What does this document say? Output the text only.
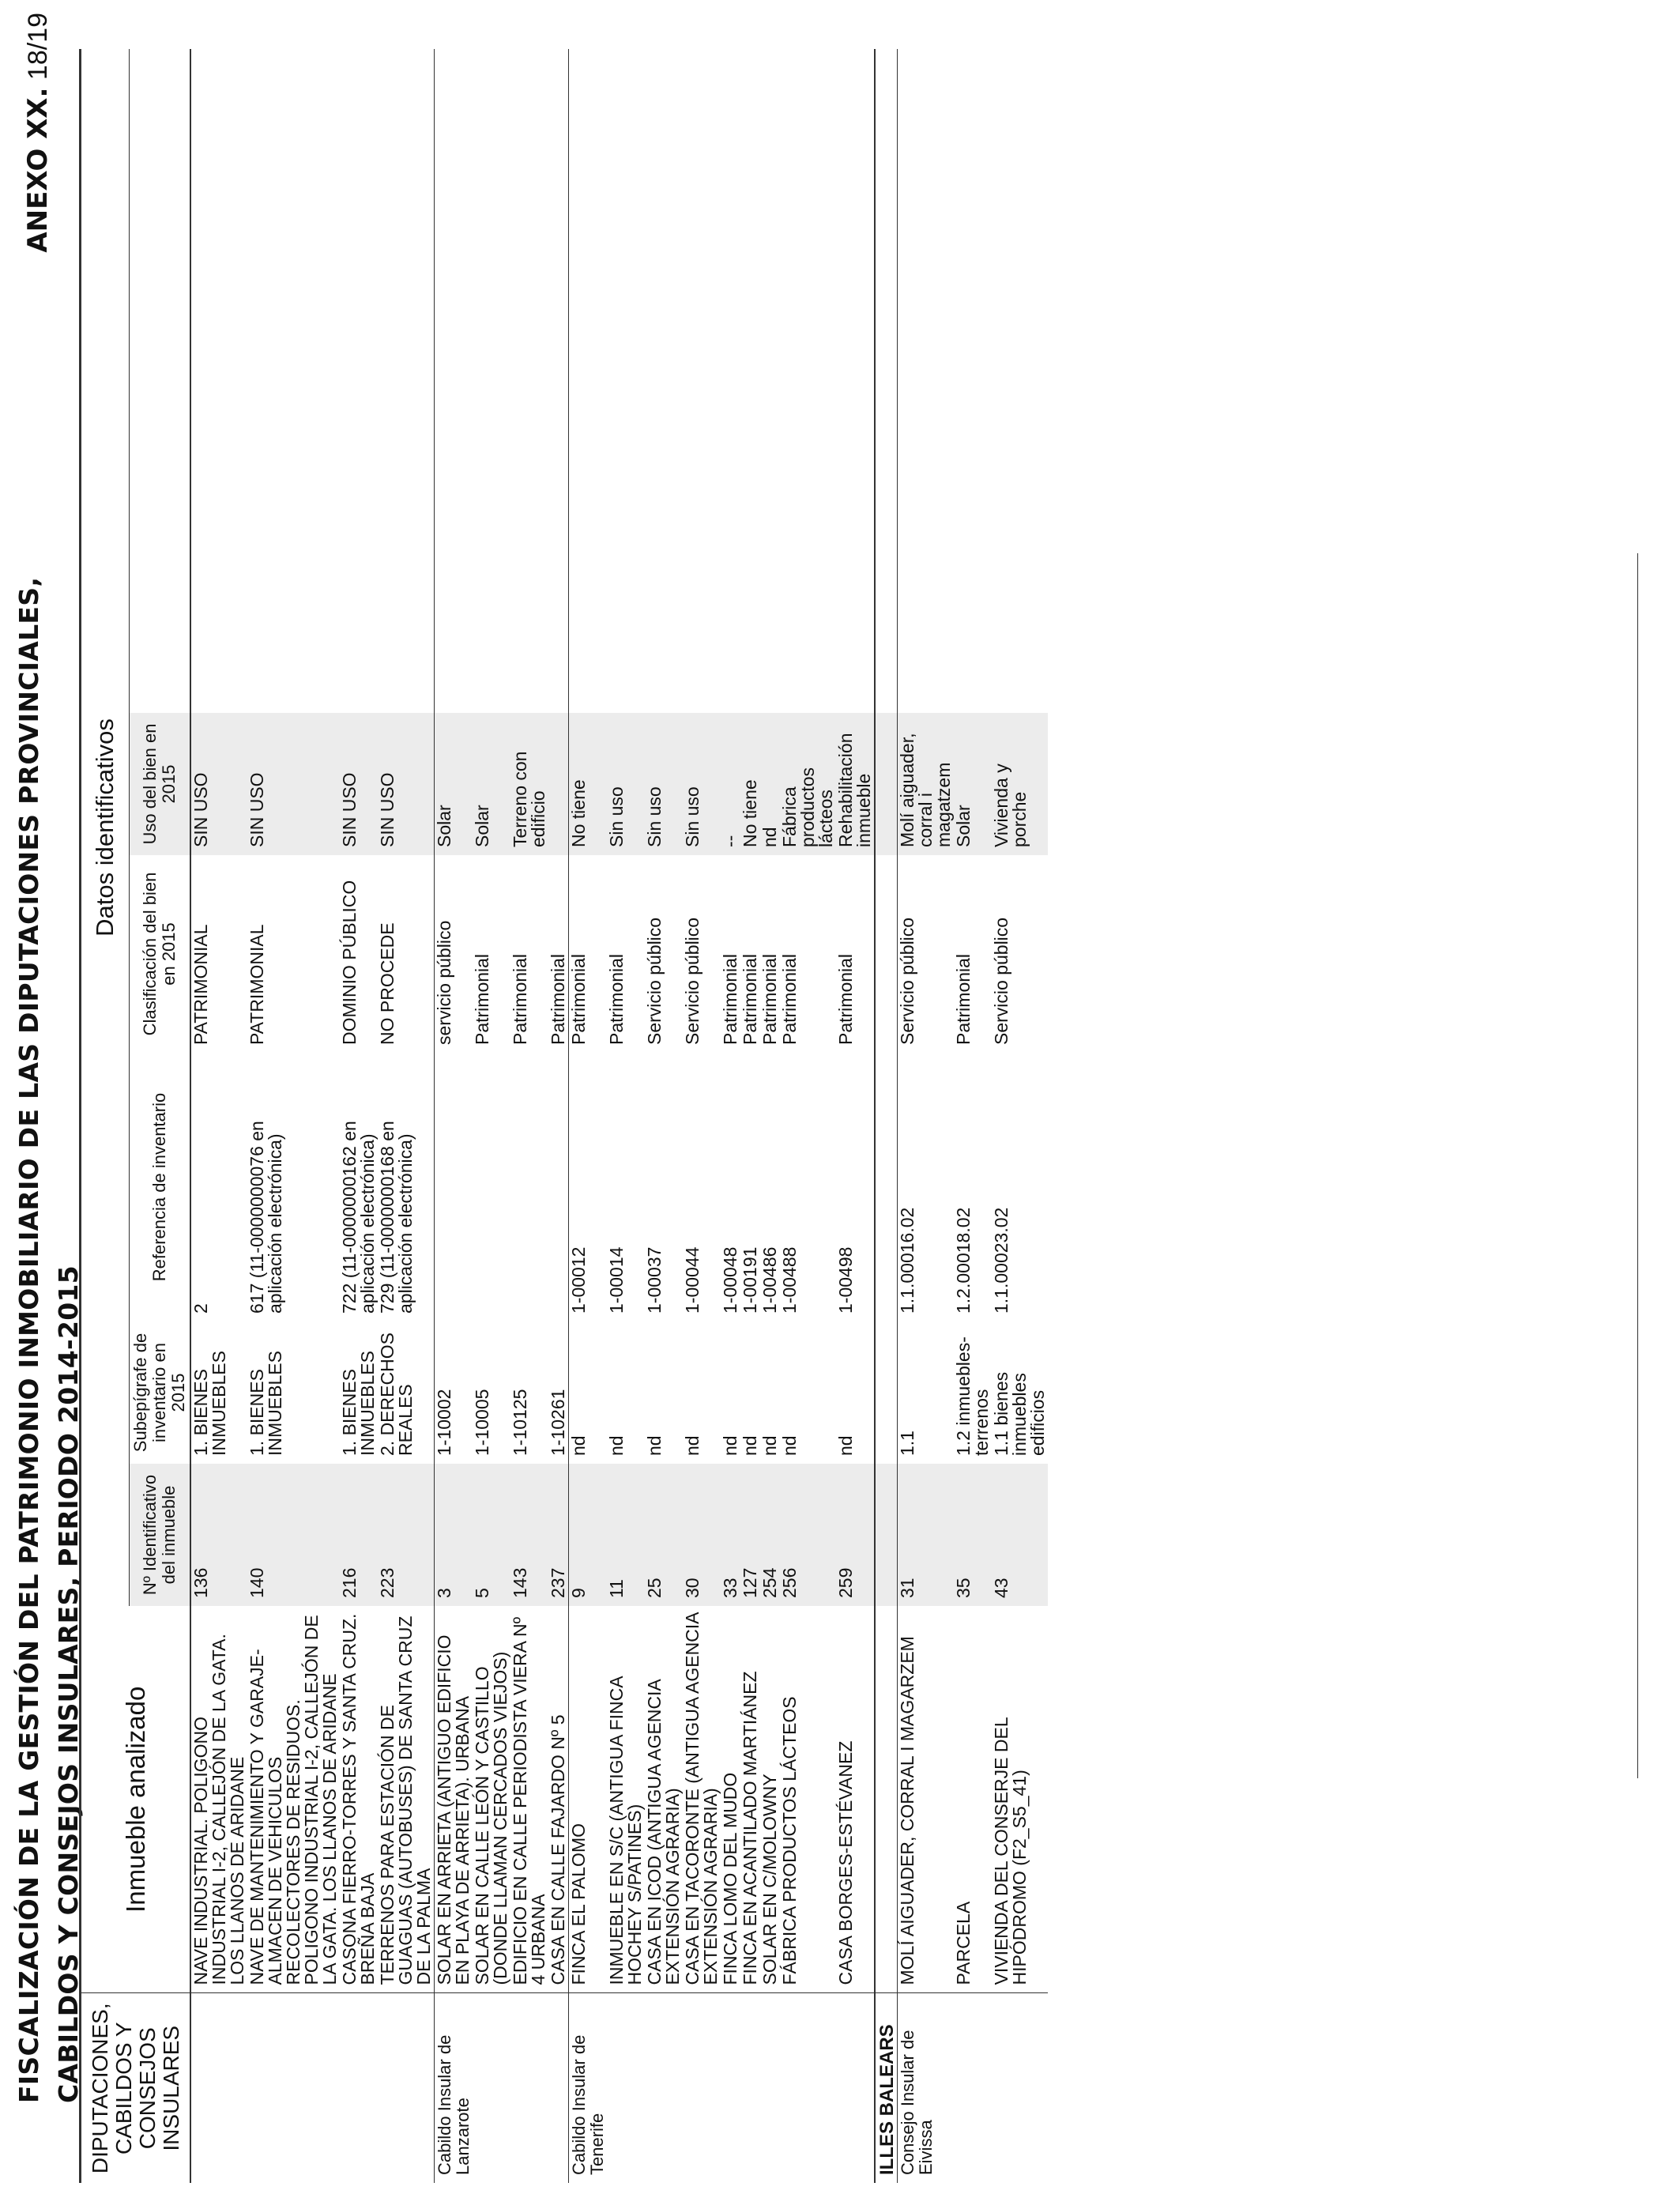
FISCALIZACIÓN DE LA GESTIÓN DEL PATRIMONIO INMOBILIARIO DE LAS DIPUTACIONES PROVINCIALES, CABILDOS Y CONSEJOS INSULARES, PERIODO 2014-2015
ANEXO XX. 18/19
DIPUTACIONES, CABILDOS Y CONSEJOS INSULARES	Inmueble analizado	Datos identificativos					
		Nº Identificativo del inmueble	Subepígrafe de inventario en 2015	Referencia de inventario	Clasificación del bien en 2015	Uso del bien en 2015	
	NAVE INDUSTRIAL. POLIGONO INDUSTRIAL I-2, CALLEJÓN DE LA GATA. LOS LLANOS DE ARIDANE	136	1. BIENES INMUEBLES	2	PATRIMONIAL	SIN USO	
	NAVE DE MANTENIMIENTO Y GARAJE-ALMACEN DE VEHICULOS RECOLECTORES DE RESIDUOS. POLIGONO INDUSTRIAL I-2, CALLEJÓN DE LA GATA. LOS LLANOS DE ARIDANE	140	1. BIENES INMUEBLES	617 (11-0000000076 en aplicación electrónica)	PATRIMONIAL	SIN USO	
	CASONA FIERRO-TORRES Y SANTA CRUZ. BREÑA BAJA	216	1. BIENES INMUEBLES	722 (11-0000000162 en aplicación electrónica)	DOMINIO PÚBLICO	SIN USO	
	TERRENOS PARA ESTACIÓN DE GUAGUAS (AUTOBUSES) DE SANTA CRUZ DE LA PALMA	223	2. DERECHOS REALES	729 (11-0000000168 en aplicación electrónica)	NO PROCEDE	SIN USO	
Cabildo Insular de Lanzarote	SOLAR EN ARRIETA (ANTIGUO EDIFICIO EN PLAYA DE ARRIETA). URBANA	3	1-10002		servicio público	Solar	
	SOLAR EN CALLE LEÓN Y CASTILLO (DONDE LLAMAN CERCADOS VIEJOS)	5	1-10005		Patrimonial	Solar	
	EDIFICIO EN CALLE PERIODISTA VIERA Nº 4 URBANA	143	1-10125		Patrimonial	Terreno con edificio	
	CASA EN CALLE FAJARDO Nº 5	237	1-10261		Patrimonial		
Cabildo Insular de Tenerife	FINCA EL PALOMO	9	nd	1-00012	Patrimonial	No tiene	
	INMUEBLE EN S/C (ANTIGUA FINCA HOCHEY S/PATINES)	11	nd	1-00014	Patrimonial	Sin uso	
	CASA EN ICOD (ANTIGUA AGENCIA EXTENSIÓN AGRARIA)	25	nd	1-00037	Servicio público	Sin uso	
	CASA EN TACORONTE (ANTIGUA AGENCIA EXTENSIÓN AGRARIA)	30	nd	1-00044	Servicio público	Sin uso	
	FINCA LOMO DEL MUDO	33	nd	1-00048	Patrimonial	--	
	FINCA EN ACANTILADO MARTIÁNEZ	127	nd	1-00191	Patrimonial	No tiene	
	SOLAR EN C/MOLOWNY	254	nd	1-00486	Patrimonial	nd	
	FÁBRICA PRODUCTOS LÁCTEOS	256	nd	1-00488	Patrimonial	Fábrica productos lácteos	
	CASA BORGES-ESTÉVANEZ	259	nd	1-00498	Patrimonial	Rehabilitación inmueble	
ILLES BALEARS							
Consejo Insular de Eivissa	MOLÍ AIGUADER, CORRAL I MAGARZEM	31	1.1	1.1.00016.02	Servicio público	Molí aiguader, corral i magatzem	
	PARCELA	35	1.2 inmuebles-terrenos	1.2.00018.02	Patrimonial	Solar	
	VIVIENDA DEL CONSERJE DEL HIPÓDROMO (F2_S5_41)	43	1.1 bienes inmuebles edificios	1.1.00023.02	Servicio público	Vivienda y porche	
